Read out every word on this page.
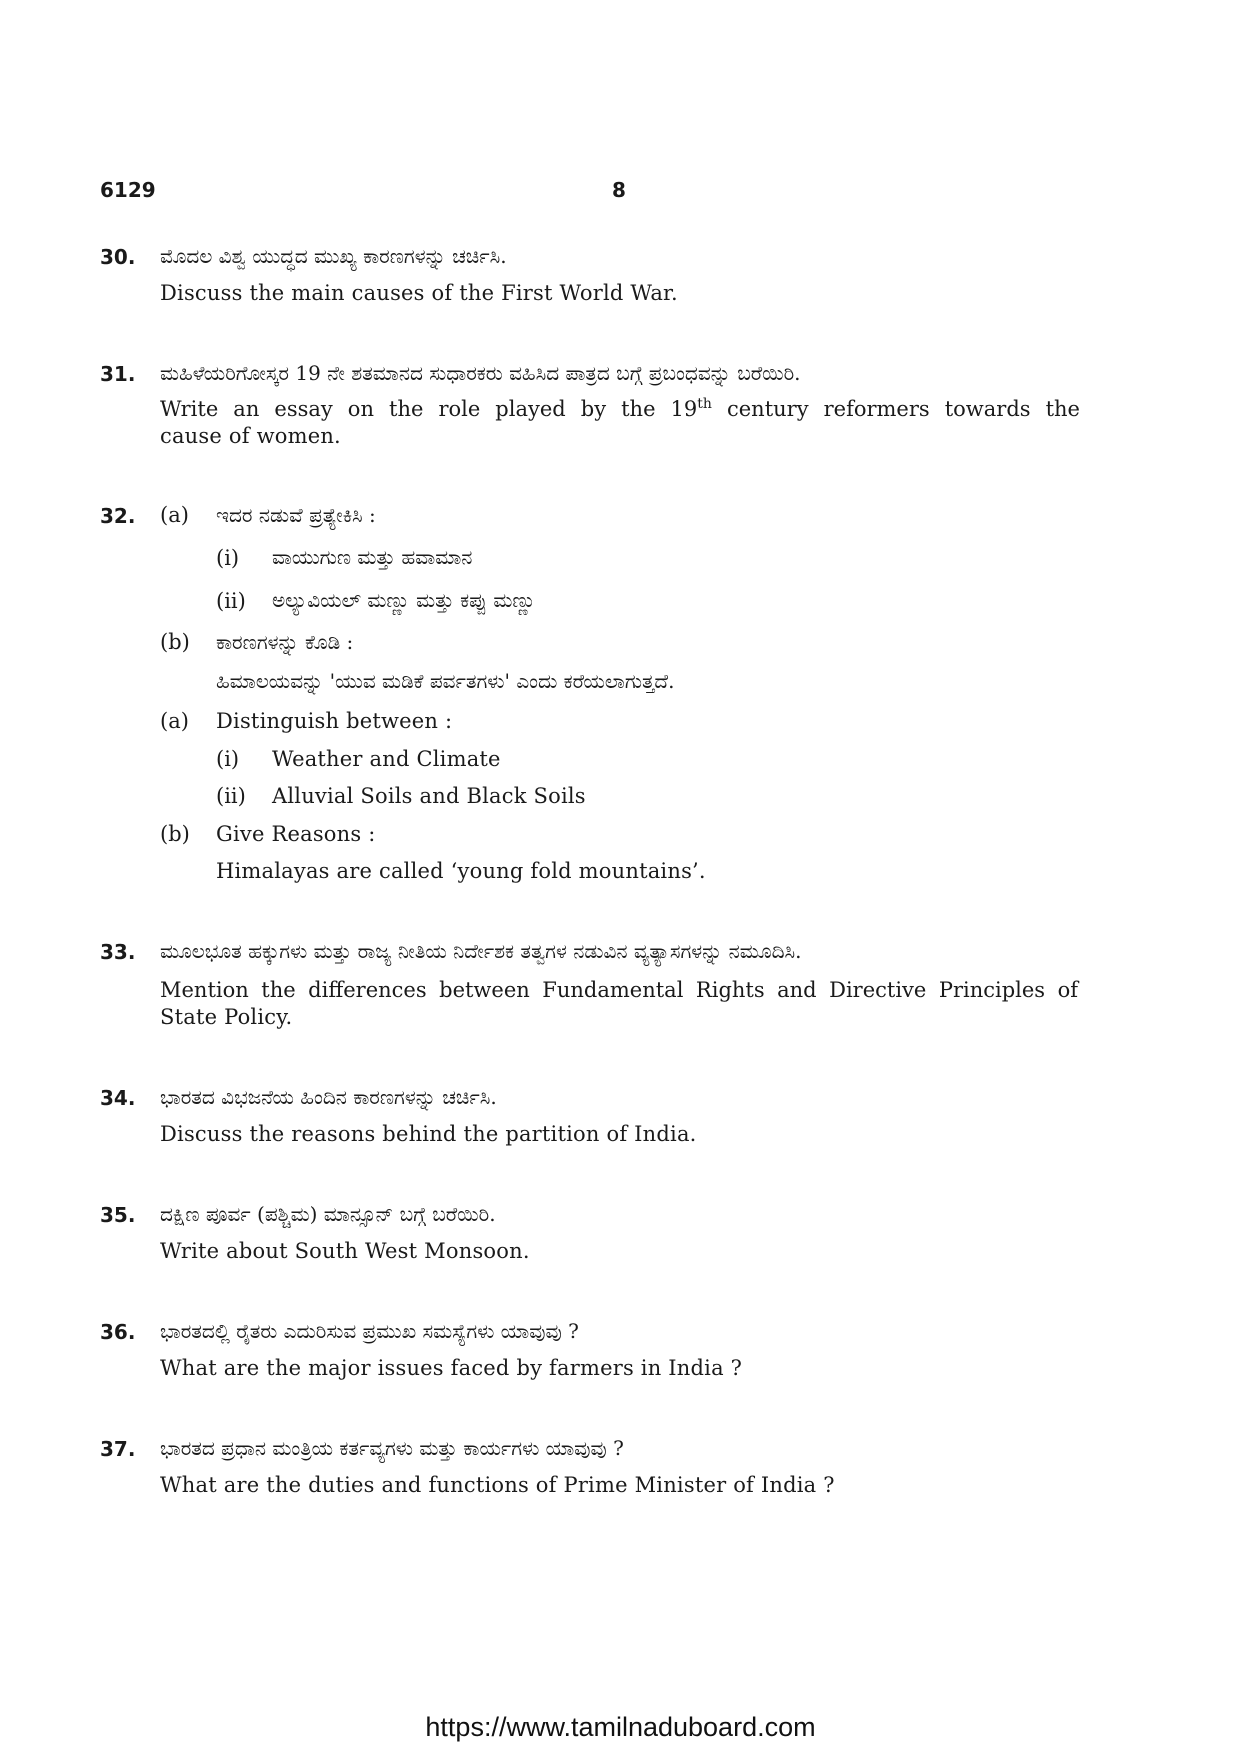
6129	8
30. ಮೊದಲ ವಿಶ್ವ ಯುದ್ಧದ ಮುಖ್ಯ ಕಾರಣಗಳನ್ನು ಚರ್ಚಿಸಿ.
Discuss the main causes of the First World War.
31. ಮಹಿಳೆಯರಿಗೋಸ್ಕರ 19 ನೇ ಶತಮಾನದ ಸುಧಾರಕರು ವಹಿಸಿದ ಪಾತ್ರದ ಬಗ್ಗೆ ಪ್ರಬಂಧವನ್ನು ಬರೆಯಿರಿ.
Write an essay on the role played by the 19th century reformers towards the
cause of women.
32. (a) ಇದರ ನಡುವೆ ಪ್ರತ್ಯೇಕಿಸಿ :
(i) ವಾಯುಗುಣ ಮತ್ತು ಹವಾಮಾನ
(ii) ಅಲ್ಯುವಿಯಲ್ ಮಣ್ಣು ಮತ್ತು ಕಪ್ಪು ಮಣ್ಣು
(b) ಕಾರಣಗಳನ್ನು ಕೊಡಿ :
ಹಿಮಾಲಯವನ್ನು 'ಯುವ ಮಡಿಕೆ ಪರ್ವತಗಳು' ಎಂದು ಕರೆಯಲಾಗುತ್ತದೆ.
(a) Distinguish between :
(i) Weather and Climate
(ii) Alluvial Soils and Black Soils
(b) Give Reasons :
Himalayas are called ‘young fold mountains’.
33. ಮೂಲಭೂತ ಹಕ್ಕುಗಳು ಮತ್ತು ರಾಜ್ಯ ನೀತಿಯ ನಿರ್ದೇಶಕ ತತ್ವಗಳ ನಡುವಿನ ವ್ಯತ್ಯಾಸಗಳನ್ನು ನಮೂದಿಸಿ.
Mention the differences between Fundamental Rights and Directive Principles of
State Policy.
34. ಭಾರತದ ವಿಭಜನೆಯ ಹಿಂದಿನ ಕಾರಣಗಳನ್ನು ಚರ್ಚಿಸಿ.
Discuss the reasons behind the partition of India.
35. ದಕ್ಷಿಣ ಪೂರ್ವ (ಪಶ್ಚಿಮ) ಮಾನ್ಸೂನ್ ಬಗ್ಗೆ ಬರೆಯಿರಿ.
Write about South West Monsoon.
36. ಭಾರತದಲ್ಲಿ ರೈತರು ಎದುರಿಸುವ ಪ್ರಮುಖ ಸಮಸ್ಯೆಗಳು ಯಾವುವು ?
What are the major issues faced by farmers in India ?
37. ಭಾರತದ ಪ್ರಧಾನ ಮಂತ್ರಿಯ ಕರ್ತವ್ಯಗಳು ಮತ್ತು ಕಾರ್ಯಗಳು ಯಾವುವು ?
What are the duties and functions of Prime Minister of India ?
https://www.tamilnaduboard.com
